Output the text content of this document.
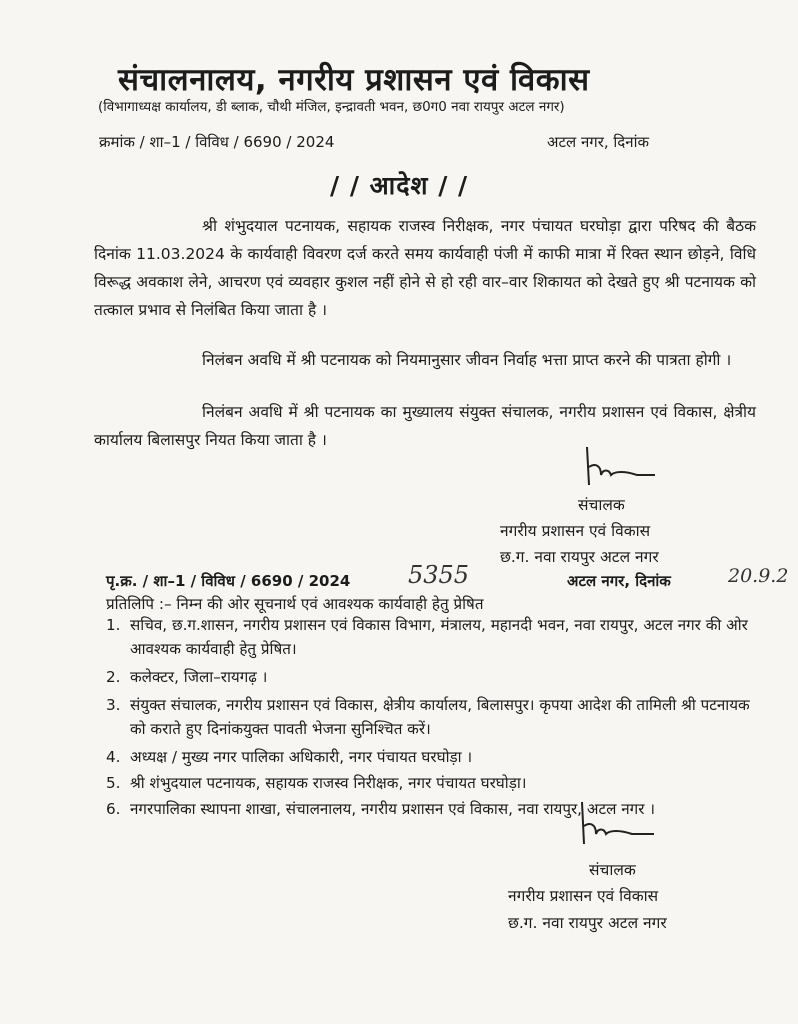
संचालनालय, नगरीय प्रशासन एवं विकास
(विभागाध्यक्ष कार्यालय, डी ब्लाक, चौथी मंजिल, इन्द्रावती भवन, छ0ग0 नवा रायपुर अटल नगर)
क्रमांक / शा–1 / विविध / 6690 / 2024	अटल नगर, दिनांक
/ / आदेश / /
श्री शंभुदयाल पटनायक, सहायक राजस्व निरीक्षक, नगर पंचायत घरघोड़ा द्वारा परिषद की बैठक दिनांक 11.03.2024 के कार्यवाही विवरण दर्ज करते समय कार्यवाही पंजी में काफी मात्रा में रिक्त स्थान छोड़ने, विधि विरूद्ध अवकाश लेने, आचरण एवं व्यवहार कुशल नहीं होने से हो रही वार–वार शिकायत को देखते हुए श्री पटनायक को तत्काल प्रभाव से निलंबित किया जाता है ।
निलंबन अवधि में श्री पटनायक को नियमानुसार जीवन निर्वाह भत्ता प्राप्त करने की पात्रता होगी ।
निलंबन अवधि में श्री पटनायक का मुख्यालय संयुक्त संचालक, नगरीय प्रशासन एवं विकास, क्षेत्रीय कार्यालय बिलासपुर नियत किया जाता है ।
संचालक
नगरीय प्रशासन एवं विकास
छ.ग. नवा रायपुर अटल नगर
पृ.क्र. / शा–1 / विविध / 6690 / 2024 5355	अटल नगर, दिनांक	20.9.2
प्रतिलिपि :– निम्न की ओर सूचनार्थ एवं आवश्यक कार्यवाही हेतु प्रेषित
1. सचिव, छ.ग.शासन, नगरीय प्रशासन एवं विकास विभाग, मंत्रालय, महानदी भवन, नवा रायपुर, अटल नगर की ओर आवश्यक कार्यवाही हेतु प्रेषित।
2. कलेक्टर, जिला–रायगढ़ ।
3. संयुक्त संचालक, नगरीय प्रशासन एवं विकास, क्षेत्रीय कार्यालय, बिलासपुर। कृपया आदेश की तामिली श्री पटनायक को कराते हुए दिनांकयुक्त पावती भेजना सुनिश्चित करें।
4. अध्यक्ष / मुख्य नगर पालिका अधिकारी, नगर पंचायत घरघोड़ा ।
5. श्री शंभुदयाल पटनायक, सहायक राजस्व निरीक्षक, नगर पंचायत घरघोड़ा।
6. नगरपालिका स्थापना शाखा, संचालनालय, नगरीय प्रशासन एवं विकास, नवा रायपुर, अटल नगर ।
संचालक
नगरीय प्रशासन एवं विकास
छ.ग. नवा रायपुर अटल नगर
